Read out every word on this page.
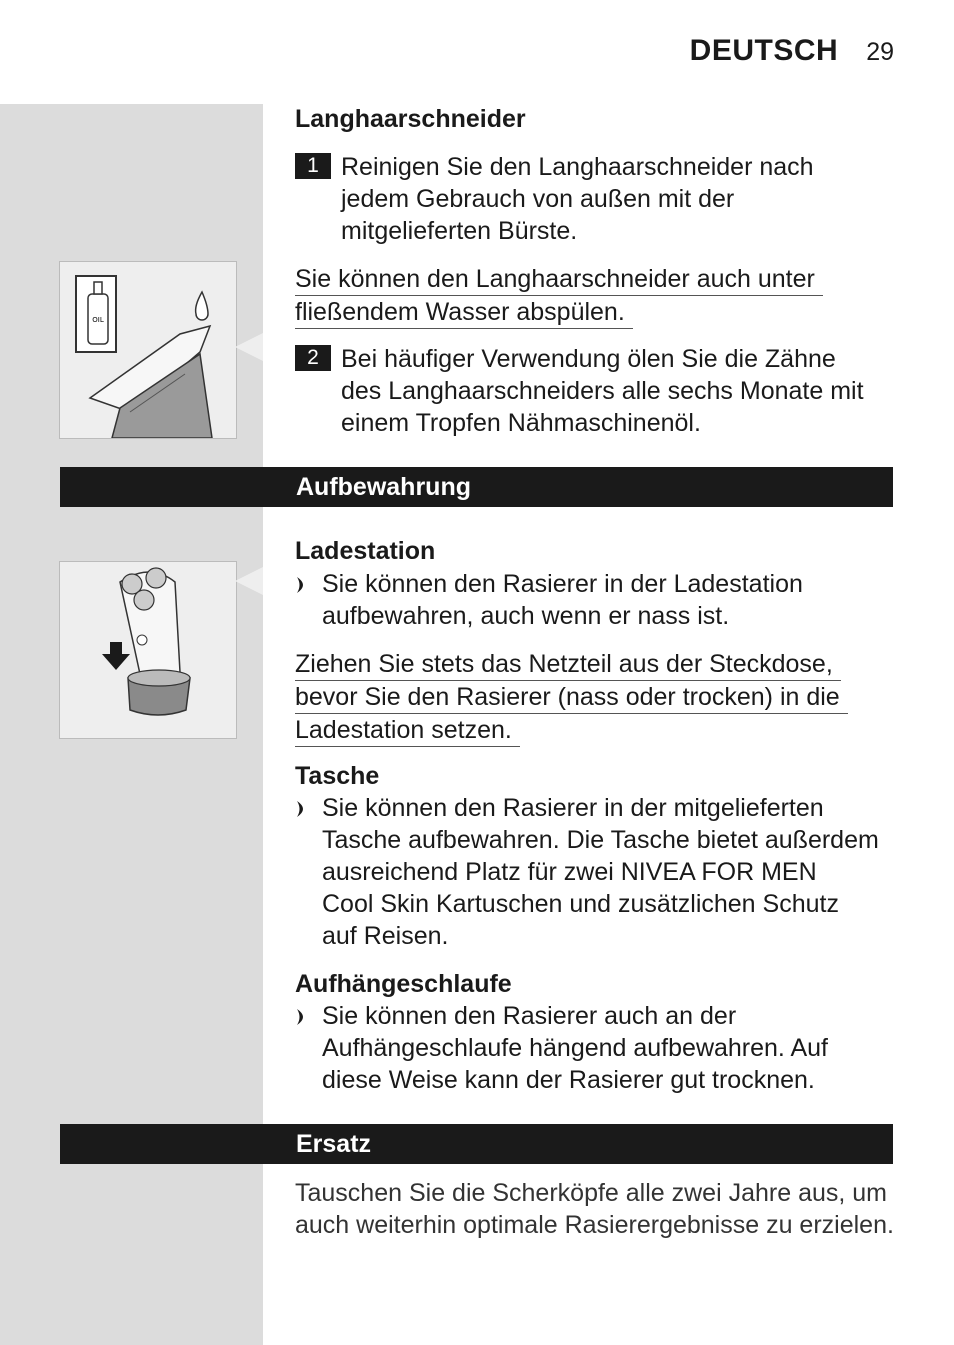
DEUTSCH 29
Langhaarschneider
1 Reinigen Sie den Langhaarschneider nach
jedem Gebrauch von außen mit der
mitgelieferten Bürste.
Sie können den Langhaarschneider auch unter
fließendem Wasser abspülen.
2 Bei häufiger Verwendung ölen Sie die Zähne
des Langhaarschneiders alle sechs Monate mit
einem Tropfen Nähmaschinenöl.
OIL
Aufbewahrung
Ladestation
Sie können den Rasierer in der Ladestation
aufbewahren, auch wenn er nass ist.
Ziehen Sie stets das Netzteil aus der Steckdose,
bevor Sie den Rasierer (nass oder trocken) in die
Ladestation setzen.
Tasche
Sie können den Rasierer in der mitgelieferten
Tasche aufbewahren. Die Tasche bietet außerdem
ausreichend Platz für zwei NIVEA FOR MEN
Cool Skin Kartuschen und zusätzlichen Schutz
auf Reisen.
Aufhängeschlaufe
Sie können den Rasierer auch an der
Aufhängeschlaufe hängend aufbewahren. Auf
diese Weise kann der Rasierer gut trocknen.
Ersatz
Tauschen Sie die Scherköpfe alle zwei Jahre aus, um
auch weiterhin optimale Rasierergebnisse zu erzielen.
